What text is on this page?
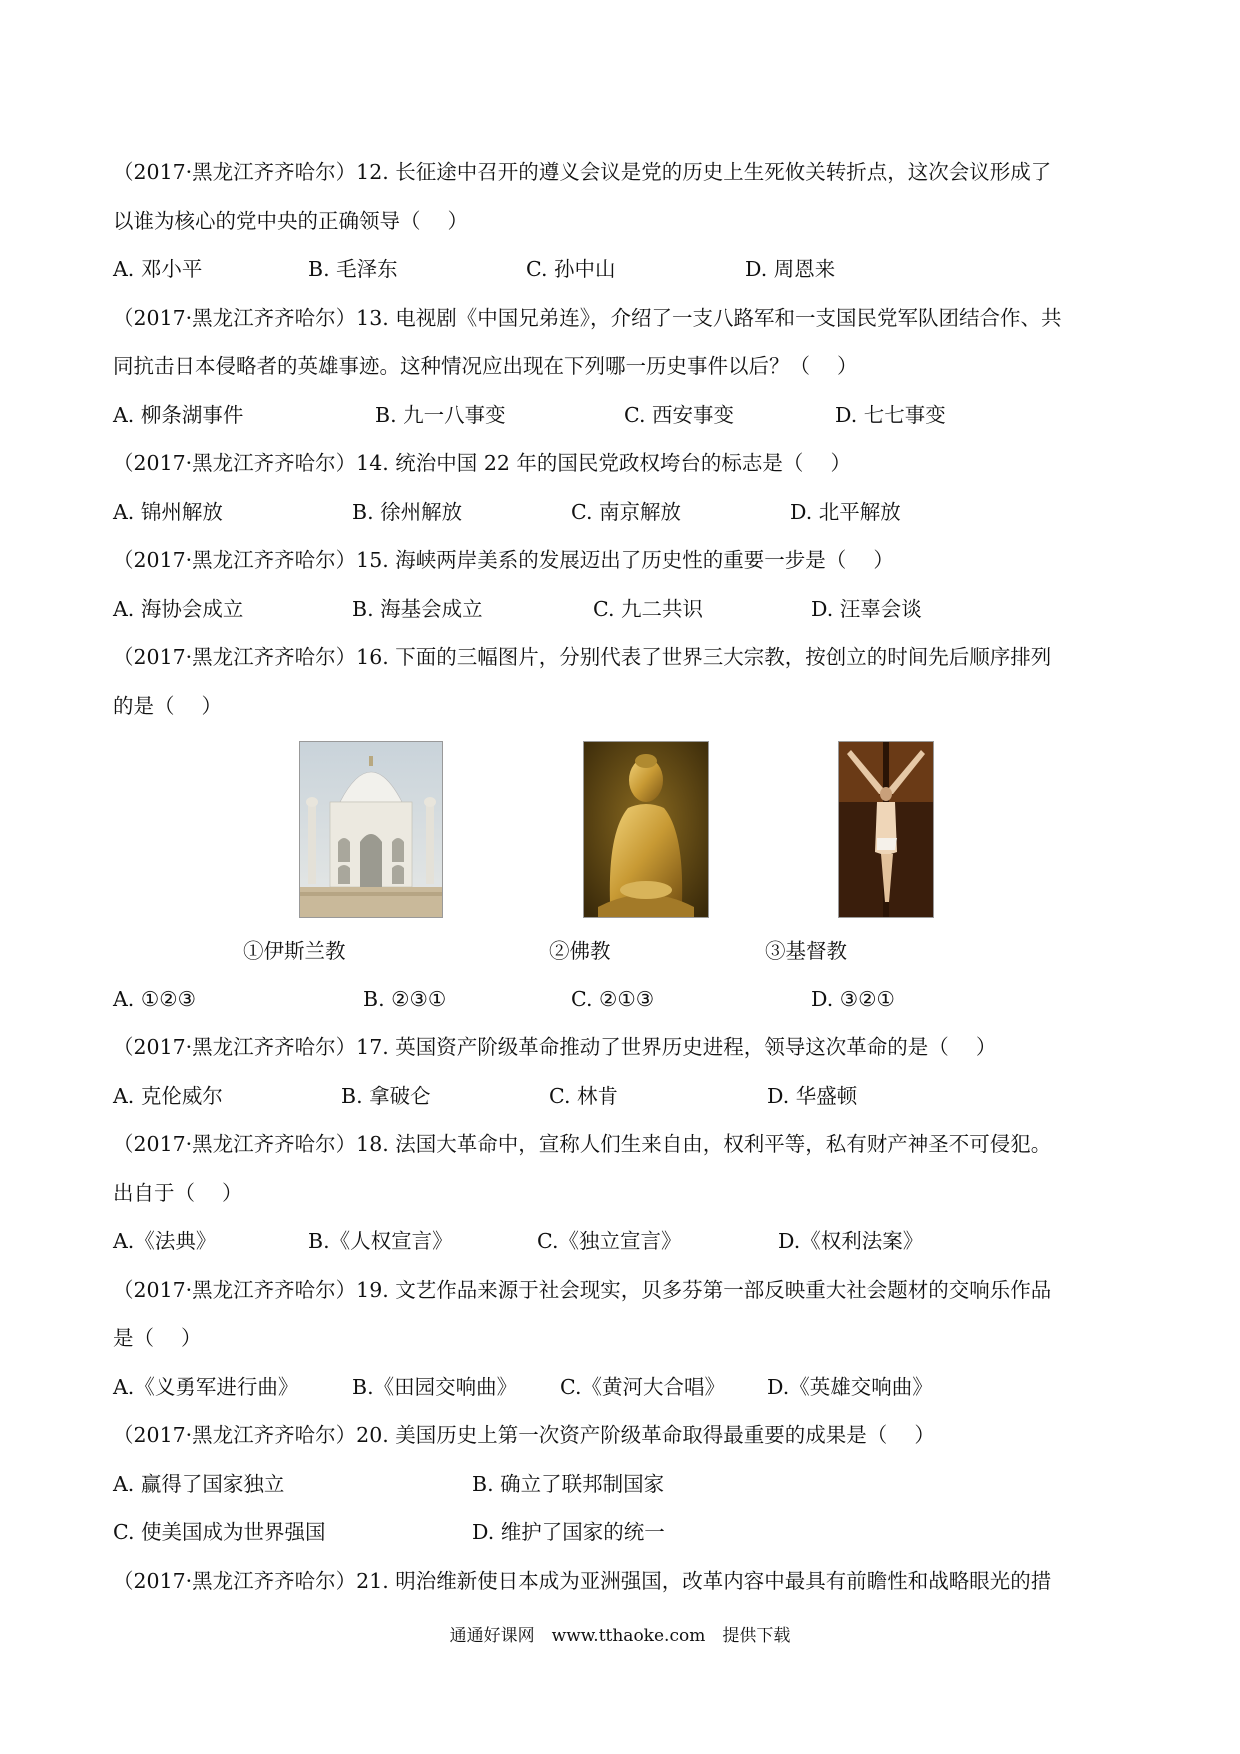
（2017·黑龙江齐齐哈尔）12. 长征途中召开的遵义会议是党的历史上生死攸关转折点，这次会议形成了
以谁为核心的党中央的正确领导（　 ）
A. 邓小平	B. 毛泽东	C. 孙中山	D. 周恩来
（2017·黑龙江齐齐哈尔）13. 电视剧《中国兄弟连》，介绍了一支八路军和一支国民党军队团结合作、共
同抗击日本侵略者的英雄事迹。这种情况应出现在下列哪一历史事件以后？（　 ）
A. 柳条湖事件	B. 九一八事变	C. 西安事变	D. 七七事变
（2017·黑龙江齐齐哈尔）14. 统治中国 22 年的国民党政权垮台的标志是（　 ）
A. 锦州解放	B. 徐州解放	C. 南京解放	D. 北平解放
（2017·黑龙江齐齐哈尔）15. 海峡两岸美系的发展迈出了历史性的重要一步是（　 ）
A. 海协会成立	B. 海基会成立	C. 九二共识	D. 汪辜会谈
（2017·黑龙江齐齐哈尔）16. 下面的三幅图片，分别代表了世界三大宗教，按创立的时间先后顺序排列
的是（　 ）
①伊斯兰教	②佛教	③基督教
A. ①②③	B. ②③①	C. ②①③	D. ③②①
（2017·黑龙江齐齐哈尔）17. 英国资产阶级革命推动了世界历史进程，领导这次革命的是（　 ）
A. 克伦威尔	B. 拿破仑	C. 林肯	D. 华盛顿
（2017·黑龙江齐齐哈尔）18. 法国大革命中，宣称人们生来自由，权利平等，私有财产神圣不可侵犯。
出自于（　 ）
A.《法典》	B.《人权宣言》	C.《独立宣言》	D.《权利法案》
（2017·黑龙江齐齐哈尔）19. 文艺作品来源于社会现实，贝多芬第一部反映重大社会题材的交响乐作品
是（　 ）
A.《义勇军进行曲》	B.《田园交响曲》 C.《黄河大合唱》 D.《英雄交响曲》
（2017·黑龙江齐齐哈尔）20. 美国历史上第一次资产阶级革命取得最重要的成果是（　 ）
A. 赢得了国家独立	B. 确立了联邦制国家
C. 使美国成为世界强国	D. 维护了国家的统一
（2017·黑龙江齐齐哈尔）21. 明治维新使日本成为亚洲强国，改革内容中最具有前瞻性和战略眼光的措
通通好课网　www.tthaoke.com　提供下载
